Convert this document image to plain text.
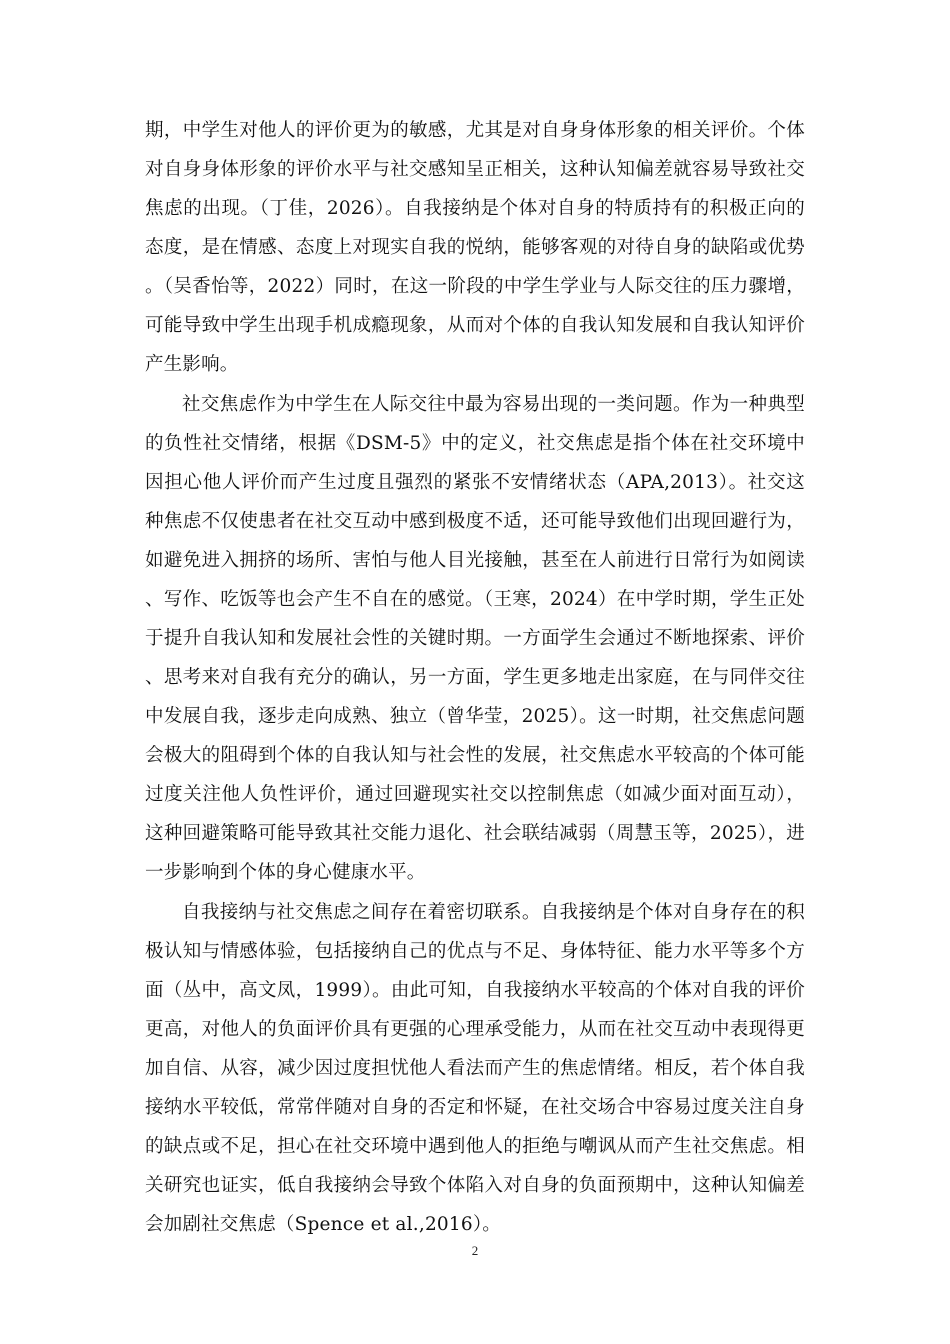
期，中学生对他人的评价更为的敏感，尤其是对自身身体形象的相关评价。个体对自身身体形象的评价水平与社交感知呈正相关，这种认知偏差就容易导致社交焦虑的出现。（丁佳，2026）。自我接纳是个体对自身的特质持有的积极正向的态度，是在情感、态度上对现实自我的悦纳，能够客观的对待自身的缺陷或优势。（吴香怡等，2022）同时，在这一阶段的中学生学业与人际交往的压力骤增，可能导致中学生出现手机成瘾现象，从而对个体的自我认知发展和自我认知评价产生影响。

社交焦虑作为中学生在人际交往中最为容易出现的一类问题。作为一种典型的负性社交情绪，根据《DSM-5》中的定义，社交焦虑是指个体在社交环境中因担心他人评价而产生过度且强烈的紧张不安情绪状态（APA,2013）。社交这种焦虑不仅使患者在社交互动中感到极度不适，还可能导致他们出现回避行为，如避免进入拥挤的场所、害怕与他人目光接触，甚至在人前进行日常行为如阅读、写作、吃饭等也会产生不自在的感觉。（王寒，2024）在中学时期，学生正处于提升自我认知和发展社会性的关键时期。一方面学生会通过不断地探索、评价、思考来对自我有充分的确认，另一方面，学生更多地走出家庭，在与同伴交往中发展自我，逐步走向成熟、独立（曾华莹，2025）。这一时期，社交焦虑问题会极大的阻碍到个体的自我认知与社会性的发展，社交焦虑水平较高的个体可能过度关注他人负性评价，通过回避现实社交以控制焦虑（如减少面对面互动），这种回避策略可能导致其社交能力退化、社会联结减弱（周慧玉等，2025），进一步影响到个体的身心健康水平。

自我接纳与社交焦虑之间存在着密切联系。自我接纳是个体对自身存在的积极认知与情感体验，包括接纳自己的优点与不足、身体特征、能力水平等多个方面（丛中，高文凤，1999）。由此可知，自我接纳水平较高的个体对自我的评价更高，对他人的负面评价具有更强的心理承受能力，从而在社交互动中表现得更加自信、从容，减少因过度担忧他人看法而产生的焦虑情绪。相反，若个体自我接纳水平较低，常常伴随对自身的否定和怀疑，在社交场合中容易过度关注自身的缺点或不足，担心在社交环境中遇到他人的拒绝与嘲讽从而产生社交焦虑。相关研究也证实，低自我接纳会导致个体陷入对自身的负面预期中，这种认知偏差会加剧社交焦虑（Spence et al.,2016）。

2
